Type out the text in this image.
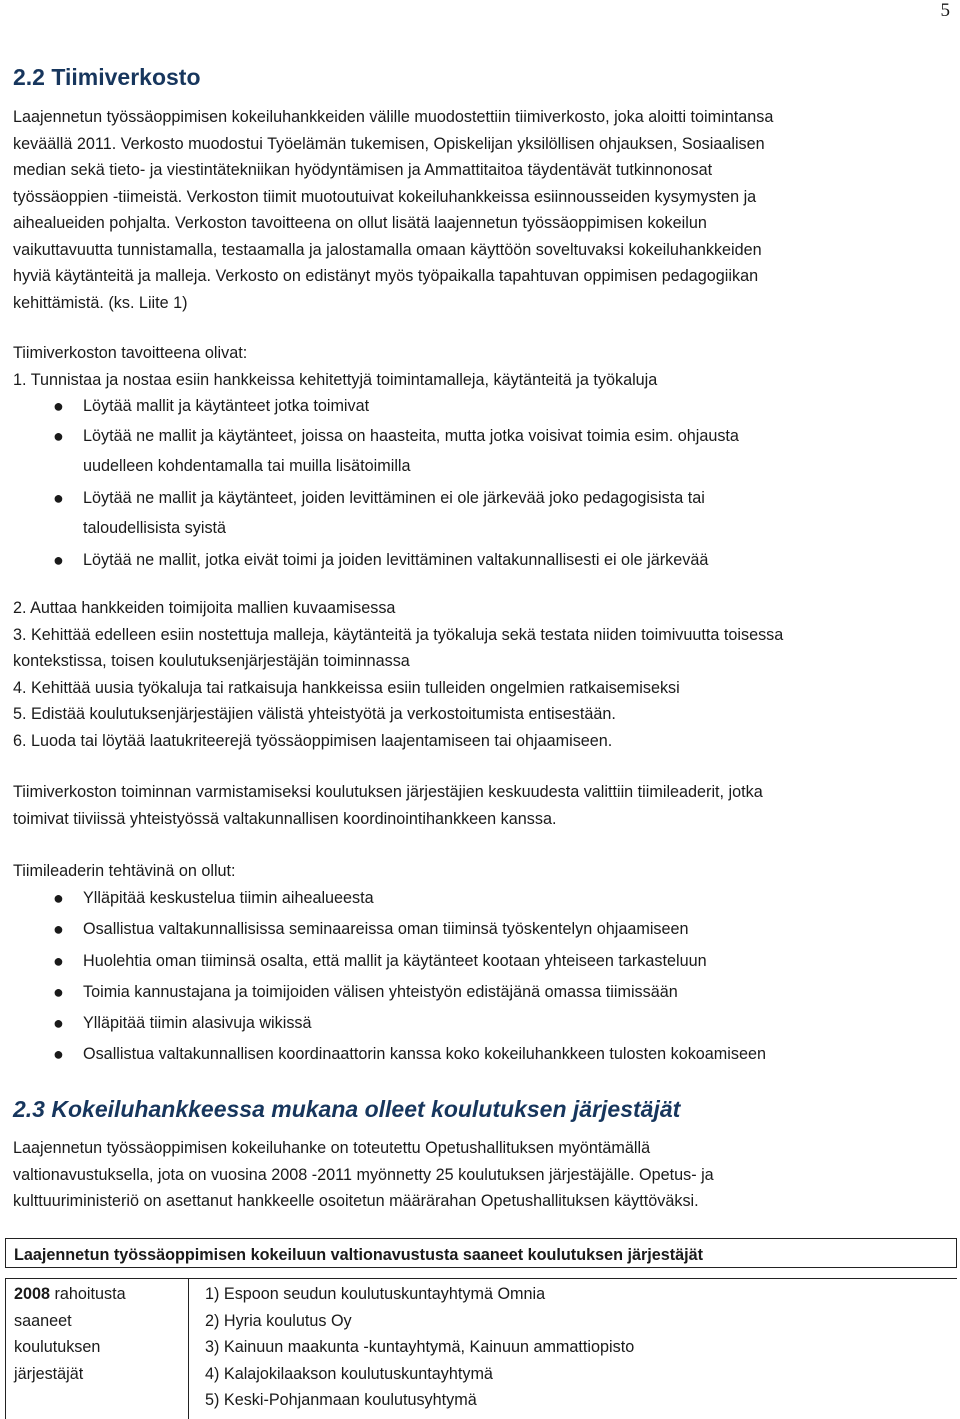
5
2.2 Tiimiverkosto
Laajennetun työssäoppimisen kokeiluhankkeiden välille muodostettiin tiimiverkosto, joka aloitti toimintansa
keväällä 2011. Verkosto muodostui Työelämän tukemisen, Opiskelijan yksilöllisen ohjauksen, Sosiaalisen
median sekä tieto- ja viestintätekniikan hyödyntämisen ja Ammattitaitoa täydentävät tutkinnonosat
työssäoppien -tiimeistä. Verkoston tiimit muotoutuivat kokeiluhankkeissa esiinnousseiden kysymysten ja
aihealueiden pohjalta. Verkoston tavoitteena on ollut lisätä laajennetun työssäoppimisen kokeilun
vaikuttavuutta tunnistamalla, testaamalla ja jalostamalla omaan käyttöön soveltuvaksi kokeiluhankkeiden
hyviä käytänteitä ja malleja. Verkosto on edistänyt myös työpaikalla tapahtuvan oppimisen pedagogiikan
kehittämistä. (ks. Liite 1)
Tiimiverkoston tavoitteena olivat:
1. Tunnistaa ja nostaa esiin hankkeissa kehitettyjä toimintamalleja, käytänteitä ja työkaluja
● Löytää mallit ja käytänteet jotka toimivat
● Löytää ne mallit ja käytänteet, joissa on haasteita, mutta jotka voisivat toimia esim. ohjausta
uudelleen kohdentamalla tai muilla lisätoimilla
● Löytää ne mallit ja käytänteet, joiden levittäminen ei ole järkevää joko pedagogisista tai
taloudellisista syistä
● Löytää ne mallit, jotka eivät toimi ja joiden levittäminen valtakunnallisesti ei ole järkevää
2. Auttaa hankkeiden toimijoita mallien kuvaamisessa
3. Kehittää edelleen esiin nostettuja malleja, käytänteitä ja työkaluja sekä testata niiden toimivuutta toisessa
kontekstissa, toisen koulutuksenjärjestäjän toiminnassa
4. Kehittää uusia työkaluja tai ratkaisuja hankkeissa esiin tulleiden ongelmien ratkaisemiseksi
5. Edistää koulutuksenjärjestäjien välistä yhteistyötä ja verkostoitumista entisestään.
6. Luoda tai löytää laatukriteerejä työssäoppimisen laajentamiseen tai ohjaamiseen.
Tiimiverkoston toiminnan varmistamiseksi koulutuksen järjestäjien keskuudesta valittiin tiimileaderit, jotka
toimivat tiiviissä yhteistyössä valtakunnallisen koordinointihankkeen kanssa.
Tiimileaderin tehtävinä on ollut:
● Ylläpitää keskustelua tiimin aihealueesta
● Osallistua valtakunnallisissa seminaareissa oman tiiminsä työskentelyn ohjaamiseen
● Huolehtia oman tiiminsä osalta, että mallit ja käytänteet kootaan yhteiseen tarkasteluun
● Toimia kannustajana ja toimijoiden välisen yhteistyön edistäjänä omassa tiimissään
● Ylläpitää tiimin alasivuja wikissä
● Osallistua valtakunnallisen koordinaattorin kanssa koko kokeiluhankkeen tulosten kokoamiseen
2.3 Kokeiluhankkeessa mukana olleet koulutuksen järjestäjät
Laajennetun työssäoppimisen kokeiluhanke on toteutettu Opetushallituksen myöntämällä
valtionavustuksella, jota on vuosina 2008 -2011 myönnetty 25 koulutuksen järjestäjälle. Opetus- ja
kulttuuriministeriö on asettanut hankkeelle osoitetun määrärahan Opetushallituksen käyttöväksi.
Laajennetun työssäoppimisen kokeiluun valtionavustusta saaneet koulutuksen järjestäjät
2008 rahoitusta
saaneet
koulutuksen
järjestäjät
1) Espoon seudun koulutuskuntayhtymä Omnia
2) Hyria koulutus Oy
3) Kainuun maakunta -kuntayhtymä, Kainuun ammattiopisto
4) Kalajokilaakson koulutuskuntayhtymä
5) Keski-Pohjanmaan koulutusyhtymä
